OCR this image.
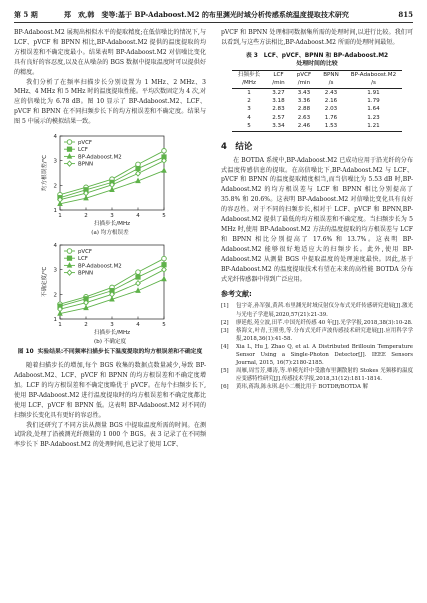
第 5 期	郑　欢,韩　斐等:基于 BP-Adaboost.M2 的布里渊光时域分析传感系统温度提取技术研究	815

BP-Adaboost.M2 展现出相似水平的提取精度;在低信噪比的情况下,与 LCF、pVCF 和 BPNN 相比,BP-Adaboost.M2 提供的温度提取的均方根误差和不确定度最小。结果表明 BP-Adaboost.M2 对信噪比变化具有良好的容忍度,以及在从噪杂的 BGS 数据中提取温度时可以提供好的精度。

我们分析了在频率扫描步长分别设置为 1 MHz、2 MHz、3 MHz、4 MHz 和 5 MHz 时的温度提取性能。平均次数固定为 4 次,对应的信噪比为 6.78 dB。图 10 显示了 BP-Adaboost.M2、LCF、pVCF 和 BPNN 在不同扫频步长下的均方根误差和不确定度。结果与图 5 中展示的模拟结果一致。

1
2
3
4
1	2	3	4	5
扫描步长/MHz
均方根误差/℃
pVCF
LCF
BP-Adaboost.M2
BPNN
(a) 均方根误差
1
2
3
4
1	2	3	4	5
扫描步长/MHz
不确定度/℃
pVCF
LCF
BP-Adaboost.M2
BPNN
(b) 不确定度
图 10 实验结果:不同频率扫描步长下温度提取的均方根误差和不确定度

随着扫描步长的增加,每个 BGS 收集的数据点数量减少,导致 BP-Adaboost.M2、LCF、pVCF 和 BPNN 的均方根误差和不确定度增加。LCF 的均方根误差和不确定度略优于 pVCF。在每个扫频步长下,使用 BP-Adaboost.M2 进行温度提取时的均方根误差和不确定度都比使用 LCF、pVCF 和 BPNN 低。这表明 BP-Adaboost.M2 对不同的扫频步长变化具有更好的容忍性。

我们还研究了不同方法从测量 BGS 中提取温度所需的时间。在测试阶段,处理了沿被测光纤测量的 1 000 个 BGS。表 3 记录了在不同频率步长下 BP-Adaboost.M2 的处理时间,也记录了使用 LCF、

pVCF 和 BPNN 处理相同数据集所需的处理时间,以进行比较。我们可以看到,与这些方法相比,BP-Adaboost.M2 所需的处理时间最短。

表 3　LCF、pVCF、BPNN 和 BP-Adaboost.M2
处理时间的比较
扫频步长	LCF	pVCF	BPNN	BP-Adaboost.M2
/MHz	/min	/min	/s	/s
1	3.27	3.43	2.43	1.91
2	3.18	3.36	2.16	1.79
3	2.83	2.88	2.03	1.64
4	2.57	2.63	1.76	1.23
5	3.34	2.46	1.53	1.21
4　结论

在 BOTDA 系统中,BP-Adaboost.M2 已成功应用于沿光纤的分布式温度传感信息的提取。在高信噪比下,BP-Adaboost.M2 与 LCF、pVCF 和 BPNN 的温度提取精度相当,而当信噪比为 5.53 dB 时,BP-Adaboost.M2 的均方根误差与 LCF 和 BPNN 相比分别提高了 35.8% 和 20.6%。这表明 BP-Adaboost.M2 对信噪比变化具有良好的容忍性。对于不同的扫频步长,相对于 LCF、pVCF 和 BPNN,BP-Adaboost.M2 提供了最低的均方根误差和不确定度。当扫频步长为 5 MHz 时,使用 BP-Adaboost.M2 方法的温度提取的均方根误差与 LCF 和 BPNN 相比分别提高了 17.6% 和 13.7%。这表明 BP-Adaboost.M2 能够很好地适应大的扫频步长。此外,使用 BP-Adaboost.M2 从测量 BGS 中提取温度的处理速度最快。因此,基于 BP-Adaboost.M2 的温度提取技术有望在未来的高性能 BOTDA 分布式光纤传感器中得到广泛应用。

参考文献:
[1]	包宇奇,孙军强,黄茜.布里渊光时域反射仪分布式光纤传感研究进展[J].激光与光电子学进展,2020,57(21):21-39.
[2]	廖延彪,苑立波,田芊.中国光纤传感 40 年[J].光学学报,2018,38(3):10-28.
[3]	蔡海文,叶青,王照勇,等.分布式光纤声波传感技术研究进展[J].应用科学学报,2018,36(1):41-58.
[4]	Xia L, Hu J, Zhao Q, et al. A Distributed Brillouin Temperature Sensor Using a Single-Photon Detector[J]. IEEE Sensors Journal, 2015, 16(7):2180-2185.
[5]	周雁,周雪芳,卿涛,等.单模光纤中受激布里渊散射的 Stokes 光频移的温度应变感特性研究[J].传感技术学报,2018,31(12):1811-1814.
[6]	黄玮,蒋海,陈永琪.赵小二概比用于 BOTDR/BOTDA 解
